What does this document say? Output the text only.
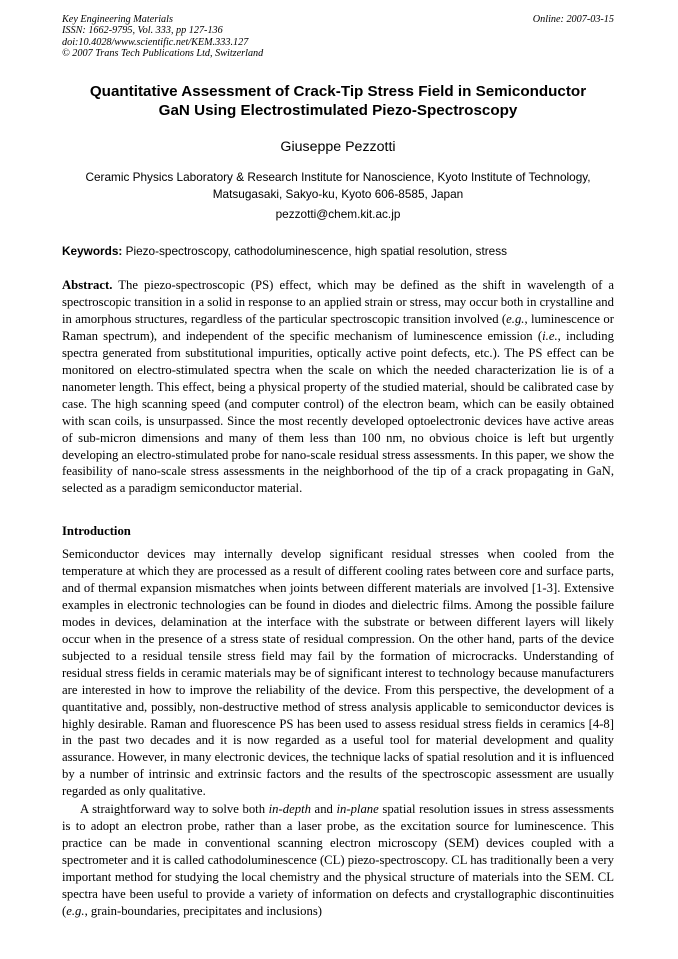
Key Engineering Materials
ISSN: 1662-9795, Vol. 333, pp 127-136
doi:10.4028/www.scientific.net/KEM.333.127
© 2007 Trans Tech Publications Ltd, Switzerland
Online: 2007-03-15
Quantitative Assessment of Crack-Tip Stress Field in Semiconductor
GaN Using Electrostimulated Piezo-Spectroscopy
Giuseppe Pezzotti
Ceramic Physics Laboratory & Research Institute for Nanoscience, Kyoto Institute of Technology,
Matsugasaki, Sakyo-ku, Kyoto 606-8585, Japan
pezzotti@chem.kit.ac.jp
Keywords: Piezo-spectroscopy, cathodoluminescence, high spatial resolution, stress

Abstract. The piezo-spectroscopic (PS) effect, which may be defined as the shift in wavelength of a spectroscopic transition in a solid in response to an applied strain or stress, may occur both in crystalline and in amorphous structures, regardless of the particular spectroscopic transition involved (e.g., luminescence or Raman spectrum), and independent of the specific mechanism of luminescence emission (i.e., including spectra generated from substitutional impurities, optically active point defects, etc.). The PS effect can be monitored on electro-stimulated spectra when the scale on which the needed characterization lie is of a nanometer length. This effect, being a physical property of the studied material, should be calibrated case by case. The high scanning speed (and computer control) of the electron beam, which can be easily obtained with scan coils, is unsurpassed. Since the most recently developed optoelectronic devices have active areas of sub-micron dimensions and many of them less than 100 nm, no obvious choice is left but urgently developing an electro-stimulated probe for nano-scale residual stress assessments. In this paper, we show the feasibility of nano-scale stress assessments in the neighborhood of the tip of a crack propagating in GaN, selected as a paradigm semiconductor material.

Introduction
Semiconductor devices may internally develop significant residual stresses when cooled from the temperature at which they are processed as a result of different cooling rates between core and surface parts, and of thermal expansion mismatches when joints between different materials are involved [1-3]. Extensive examples in electronic technologies can be found in diodes and dielectric films. Among the possible failure modes in devices, delamination at the interface with the substrate or between different layers will likely occur when in the presence of a stress state of residual compression. On the other hand, parts of the device subjected to a residual tensile stress field may fail by the formation of microcracks. Understanding of residual stress fields in ceramic materials may be of significant interest to technology because manufacturers are interested in how to improve the reliability of the device. From this perspective, the development of a quantitative and, possibly, non-destructive method of stress analysis applicable to semiconductor devices is highly desirable. Raman and fluorescence PS has been used to assess residual stress fields in ceramics [4-8] in the past two decades and it is now regarded as a useful tool for material development and quality assurance. However, in many electronic devices, the technique lacks of spatial resolution and it is influenced by a number of intrinsic and extrinsic factors and the results of the spectroscopic assessment are usually regarded as only qualitative.
A straightforward way to solve both in-depth and in-plane spatial resolution issues in stress assessments is to adopt an electron probe, rather than a laser probe, as the excitation source for luminescence. This practice can be made in conventional scanning electron microscopy (SEM) devices coupled with a spectrometer and it is called cathodoluminescence (CL) piezo-spectroscopy. CL has traditionally been a very important method for studying the local chemistry and the physical structure of materials into the SEM. CL spectra have been useful to provide a variety of information on defects and crystallographic discontinuities (e.g., grain-boundaries, precipitates and inclusions)
